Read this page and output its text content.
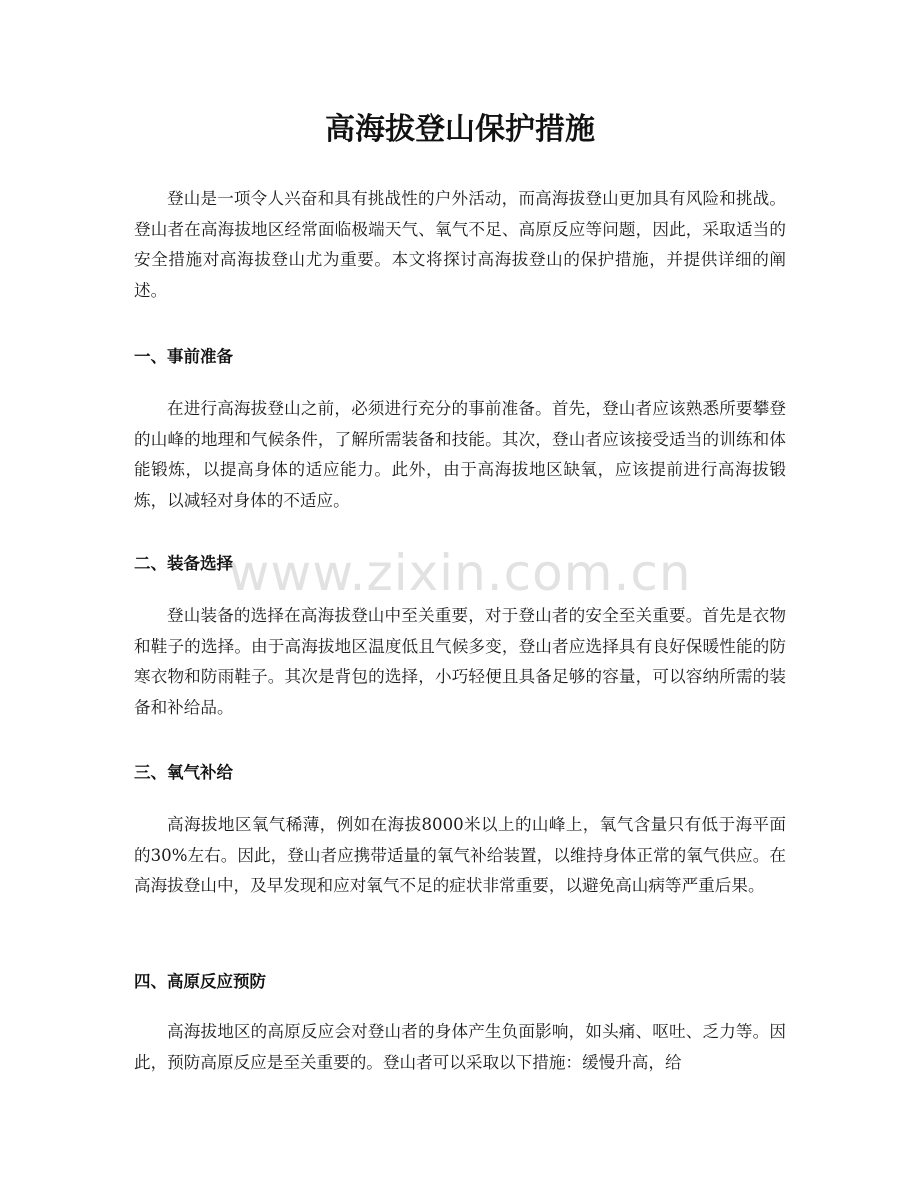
高海拔登山保护措施

登山是一项令人兴奋和具有挑战性的户外活动，而高海拔登山更加具有风险和挑战。登山者在高海拔地区经常面临极端天气、氧气不足、高原反应等问题，因此，采取适当的安全措施对高海拔登山尤为重要。本文将探讨高海拔登山的保护措施，并提供详细的阐述。

一、事前准备

在进行高海拔登山之前，必须进行充分的事前准备。首先，登山者应该熟悉所要攀登的山峰的地理和气候条件，了解所需装备和技能。其次，登山者应该接受适当的训练和体能锻炼，以提高身体的适应能力。此外，由于高海拔地区缺氧，应该提前进行高海拔锻炼，以减轻对身体的不适应。

二、装备选择

登山装备的选择在高海拔登山中至关重要，对于登山者的安全至关重要。首先是衣物和鞋子的选择。由于高海拔地区温度低且气候多变，登山者应选择具有良好保暖性能的防寒衣物和防雨鞋子。其次是背包的选择，小巧轻便且具备足够的容量，可以容纳所需的装备和补给品。

三、氧气补给

高海拔地区氧气稀薄，例如在海拔8000米以上的山峰上，氧气含量只有低于海平面的30%左右。因此，登山者应携带适量的氧气补给装置，以维持身体正常的氧气供应。在高海拔登山中，及早发现和应对氧气不足的症状非常重要，以避免高山病等严重后果。

四、高原反应预防

高海拔地区的高原反应会对登山者的身体产生负面影响，如头痛、呕吐、乏力等。因此，预防高原反应是至关重要的。登山者可以采取以下措施：缓慢升高，给

www.zixin.com.cn
